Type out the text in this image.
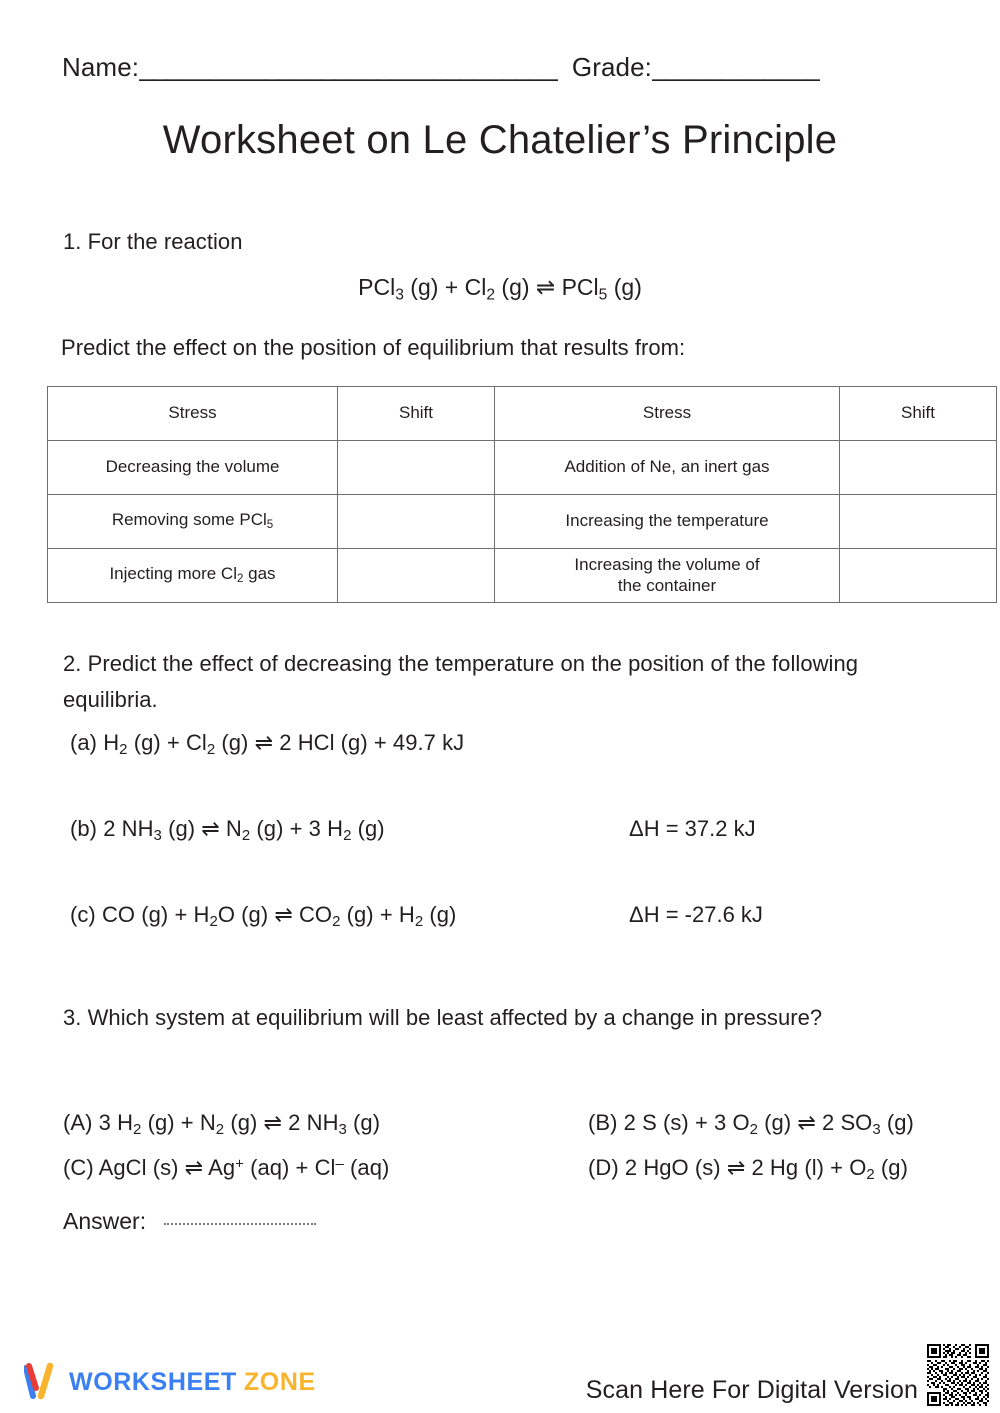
Name: ______________________________ Grade: ____________
Worksheet on Le Chatelier’s Principle
1. For the reaction
PCl$_3$ $(g) + Cl_2$ (g) ⇌ PCl$_5$ (g)
Predict the effect on the position of equilibrium that results from:
Stress	Shift	Stress	Shift
Decreasing the volume		Addition of Ne, an inert gas	
Removing some PCl$_5$		Increasing the temperature	
Injecting more $Cl_2$ gas		Increasing the volume of
the container	
2. Predict the effect of decreasing the temperature on the position of the following equilibria.
(a) $H_2$ $(g) + Cl_2$ (g) ⇌ 2 HCl (g) + 49.7 kJ
(b) 2 $NH_3$ (g) ⇌ $N_2$ (g) + 3 $H_2$ (g)	ΔH = 37.2 kJ
(c) CO $(g) + H_2O$ (g) ⇌ $CO_2$ $(g) + H_2$ (g)	ΔH = -27.6 kJ
3. Which system at equilibrium will be least affected by a change in pressure?
(A) 3 $H_2$ $(g) + N_2$ (g) ⇌ 2 $NH_3$ (g)	(B) 2 S (s) + 3 $O_2$ (g) ⇌ 2 $SO_3$ (g)
(C) AgCl (s) ⇌ Ag+ (aq) + Cl– (aq)	(D) 2 HgO (s) ⇌ 2 Hg $(l) + O_2$ (g)
Answer:
WORKSHEET ZONE	Scan Here For Digital Version
